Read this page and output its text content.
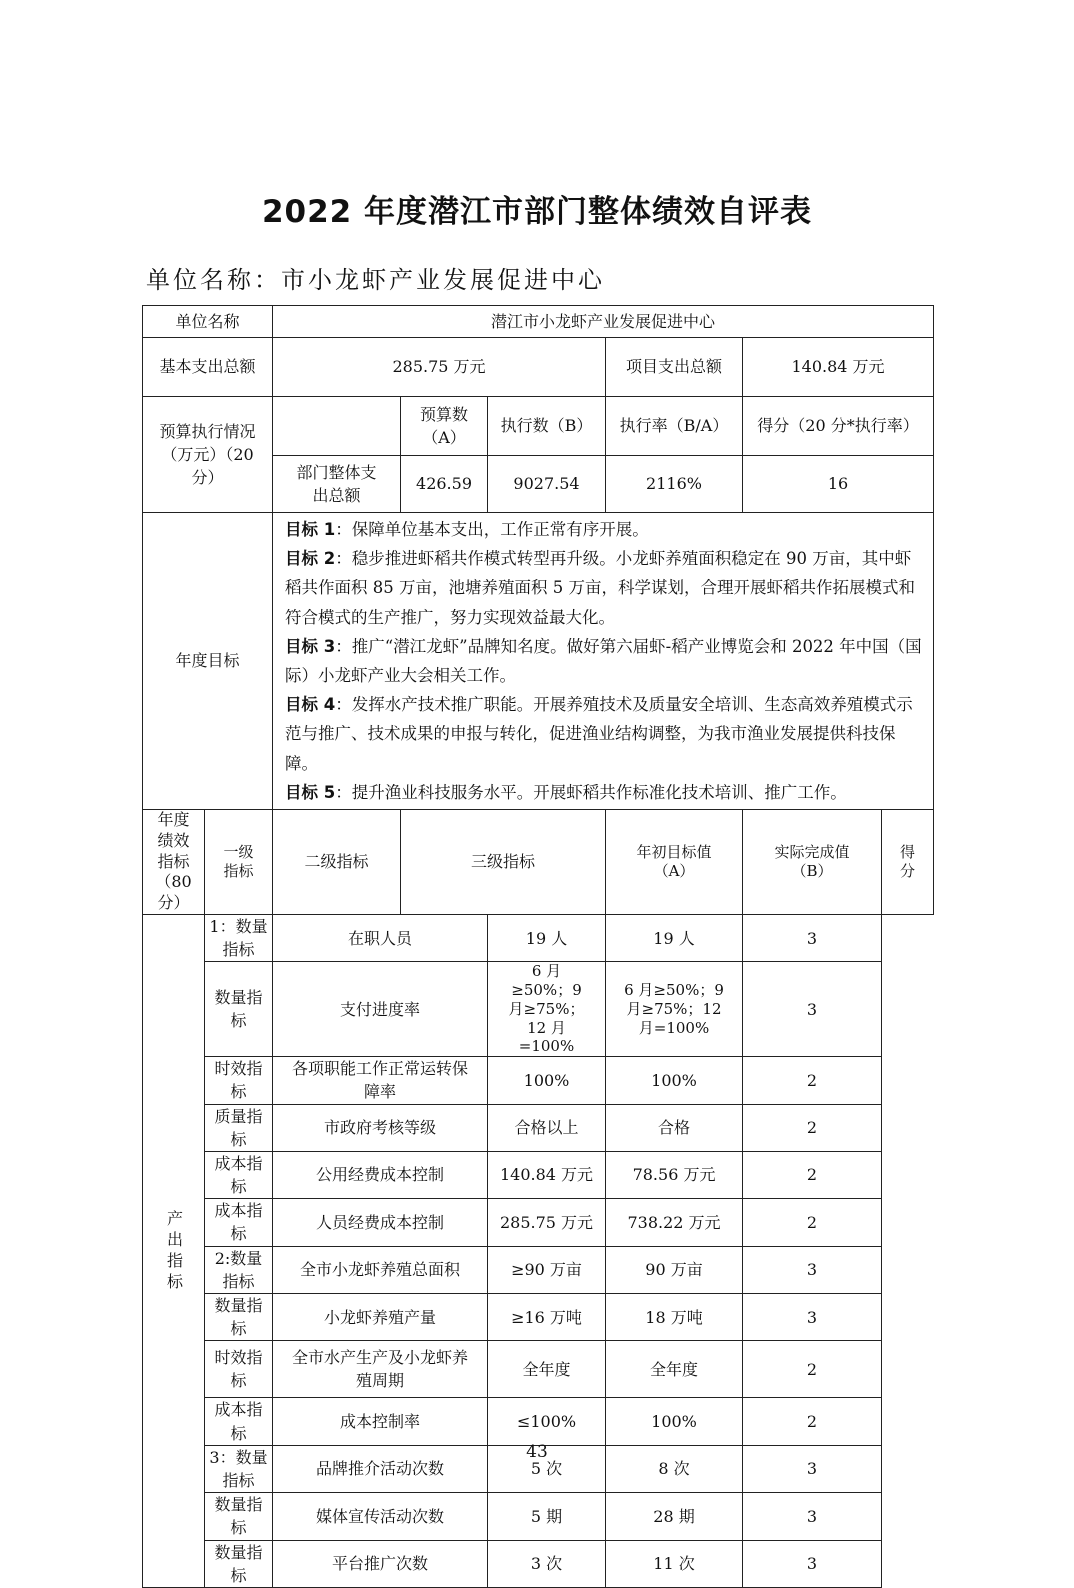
2022 年度潜江市部门整体绩效自评表
单位名称：市小龙虾产业发展促进中心
单位名称		潜江市小龙虾产业发展促进中心					
基本支出总额		285.75 万元			项目支出总额	140.84 万元	
预算执行情况（万元）（20 分）			预算数（A）	执行数（B）	执行率（B/A）	得分（20 分*执行率）	
		部门整体支出总额	426.59	9027.54	2116%	16	
年度目标		目标 1：保障单位基本支出，工作正常有序开展。
目标 2：稳步推进虾稻共作模式转型再升级。小龙虾养殖面积稳定在 90 万亩，其中虾稻共作面积 85 万亩，池塘养殖面积 5 万亩，科学谋划，合理开展虾稻共作拓展模式和符合模式的生产推广，努力实现效益最大化。
目标 3：推广“潜江龙虾”品牌知名度。做好第六届虾-稻产业博览会和 2022 年中国（国际）小龙虾产业大会相关工作。
目标 4：发挥水产技术推广职能。开展养殖技术及质量安全培训、生态高效养殖模式示范与推广、技术成果的申报与转化，促进渔业结构调整，为我市渔业发展提供科技保障。
目标 5：提升渔业科技服务水平。开展虾稻共作标准化技术培训、推广工作。					

年度绩效指标（80 分）	一级指标	二级指标	三级指标		年初目标值（A）	实际完成值（B）	得分
产出指标	1：数量指标	在职人员		19 人	19 人	3	
	数量指标	支付进度率		6 月≥50%；9 月≥75%；12 月=100%	6 月≥50%；9 月≥75%；12 月=100%	3	
	时效指标	各项职能工作正常运转保障率		100%	100%	2	
	质量指标	市政府考核等级		合格以上	合格	2	
	成本指标	公用经费成本控制		140.84 万元	78.56 万元	2	
	成本指标	人员经费成本控制		285.75 万元	738.22 万元	2	
	2:数量指标	全市小龙虾养殖总面积		≥90 万亩	90 万亩	3	
	数量指标	小龙虾养殖产量		≥16 万吨	18 万吨	3	
	时效指标	全市水产生产及小龙虾养殖周期		全年度	全年度	2	
	成本指标	成本控制率		≤100%	100%	2	
	3：数量指标	品牌推介活动次数		5 次	8 次	3	
	数量指标	媒体宣传活动次数		5 期	28 期	3	
	数量指标	平台推广次数		3 次	11 次	3	
43
